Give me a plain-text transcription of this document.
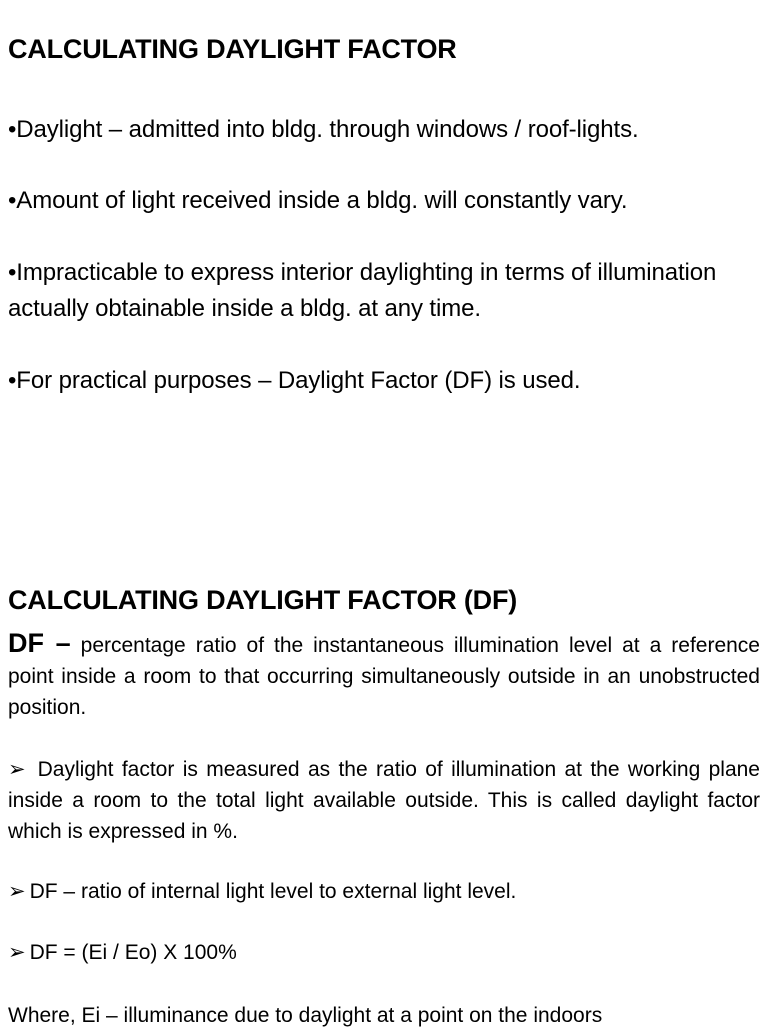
CALCULATING DAYLIGHT FACTOR
•Daylight – admitted into bldg. through windows / roof-lights.
•Amount of light received inside a bldg. will constantly vary.
•Impracticable to express interior daylighting in terms of illumination actually obtainable inside a bldg. at any time.
•For practical purposes – Daylight Factor (DF) is used.
CALCULATING DAYLIGHT FACTOR (DF)
DF – percentage ratio of the instantaneous illumination level at a reference point inside a room to that occurring simultaneously outside in an unobstructed position.
➢ Daylight factor is measured as the ratio of illumination at the working plane inside a room to the total light available outside. This is called daylight factor which is expressed in %.
➢ DF – ratio of internal light level to external light level.
➢ DF = (Ei / Eo) X 100%
Where, Ei – illuminance due to daylight at a point on the indoors
